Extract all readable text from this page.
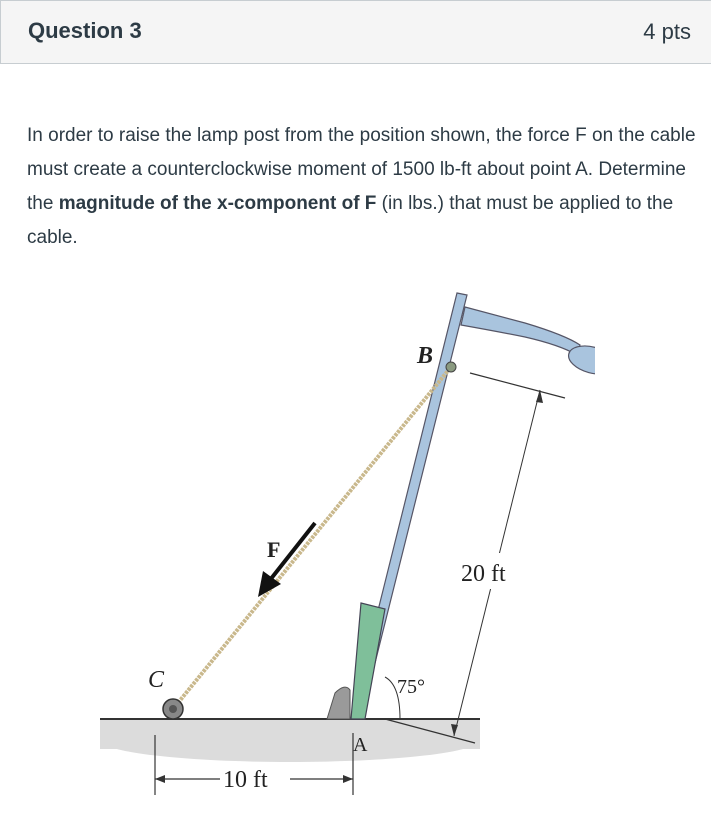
Question 3	4 pts
In order to raise the lamp post from the position shown, the force F on the cable must create a counterclockwise moment of 1500 lb-ft about point A. Determine the magnitude of the x-component of F (in lbs.) that must be applied to the cable.
B
F
C
A
20 ft
75°
10 ft
